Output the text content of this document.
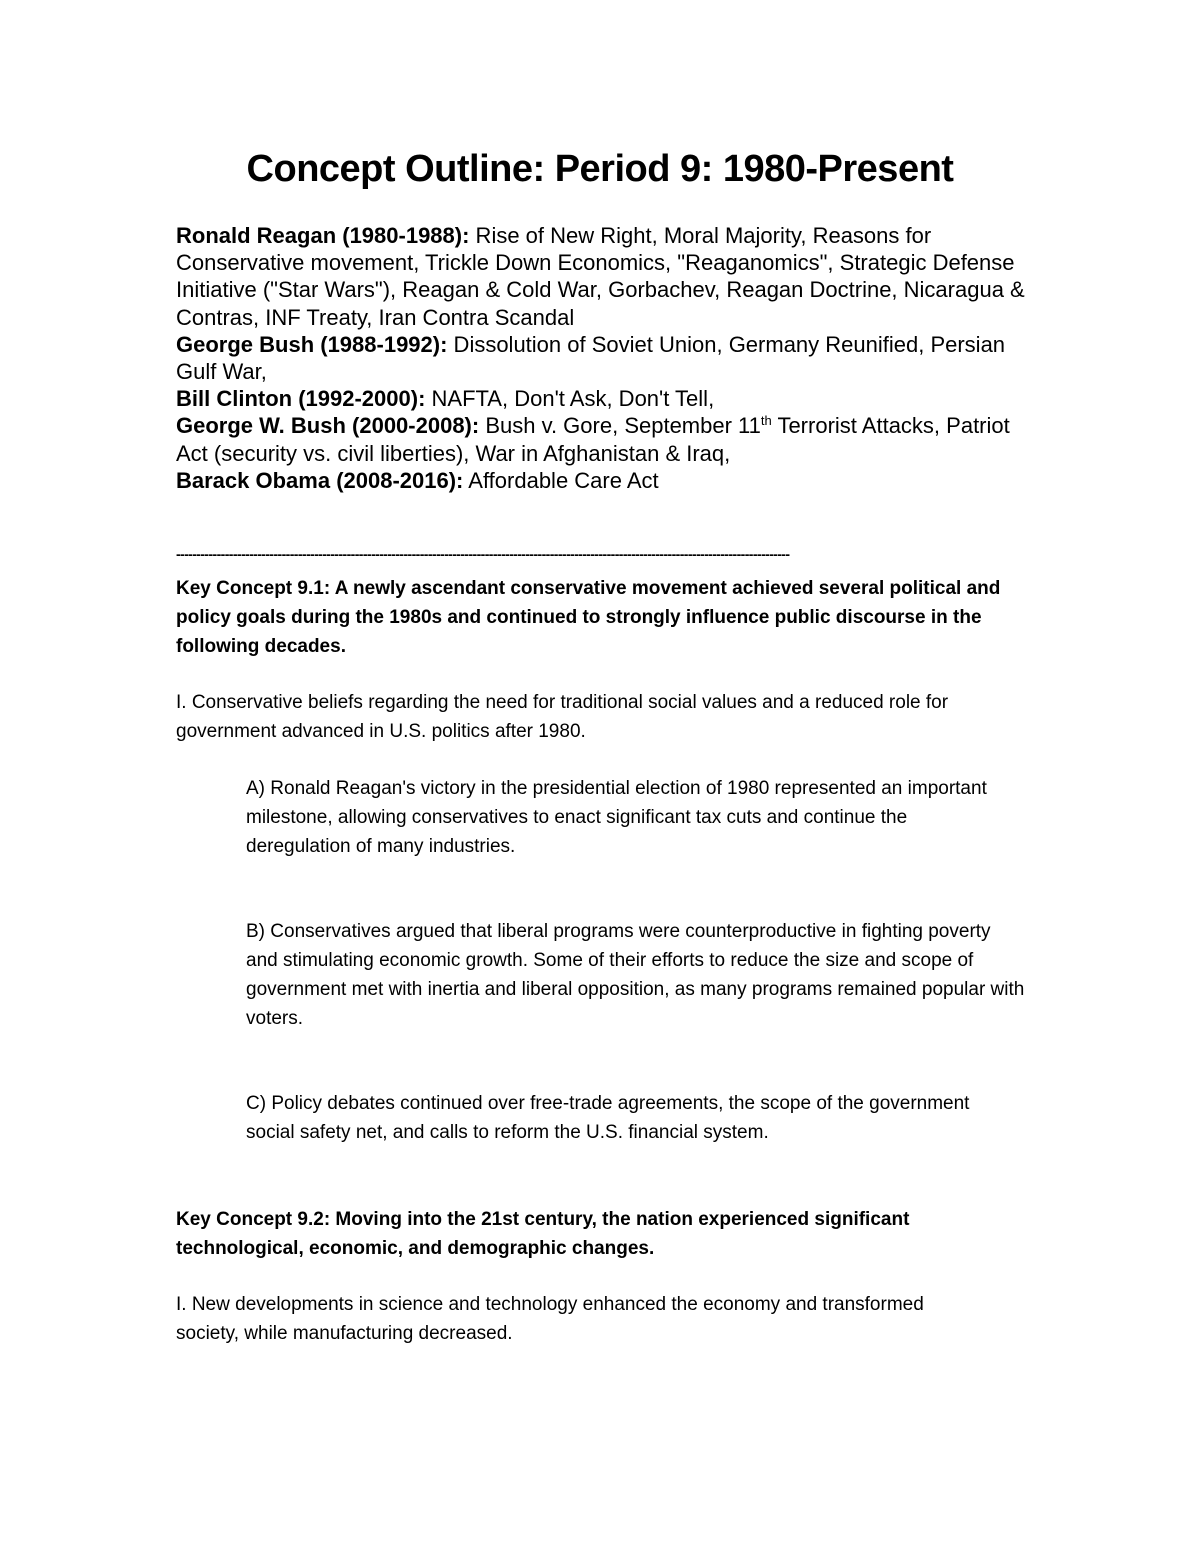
Concept Outline: Period 9: 1980-Present

Ronald Reagan (1980-1988): Rise of New Right, Moral Majority, Reasons for Conservative movement, Trickle Down Economics, "Reaganomics", Strategic Defense Initiative ("Star Wars"), Reagan & Cold War, Gorbachev, Reagan Doctrine, Nicaragua & Contras, INF Treaty, Iran Contra Scandal

George Bush (1988-1992): Dissolution of Soviet Union, Germany Reunified, Persian Gulf War,

Bill Clinton (1992-2000): NAFTA, Don't Ask, Don't Tell,

George W. Bush (2000-2008): Bush v. Gore, September 11th Terrorist Attacks, Patriot Act (security vs. civil liberties), War in Afghanistan & Iraq,

Barack Obama (2008-2016): Affordable Care Act

-------------------------------------------------------------------------------------------------------------------------------------------------------

Key Concept 9.1: A newly ascendant conservative movement achieved several political and policy goals during the 1980s and continued to strongly influence public discourse in the following decades.

I. Conservative beliefs regarding the need for traditional social values and a reduced role for government advanced in U.S. politics after 1980.

A) Ronald Reagan's victory in the presidential election of 1980 represented an important milestone, allowing conservatives to enact significant tax cuts and continue the deregulation of many industries.

B) Conservatives argued that liberal programs were counterproductive in fighting poverty and stimulating economic growth. Some of their efforts to reduce the size and scope of government met with inertia and liberal opposition, as many programs remained popular with voters.

C) Policy debates continued over free-trade agreements, the scope of the government social safety net, and calls to reform the U.S. financial system.

Key Concept 9.2: Moving into the 21st century, the nation experienced significant technological, economic, and demographic changes.

I. New developments in science and technology enhanced the economy and transformed society, while manufacturing decreased.
